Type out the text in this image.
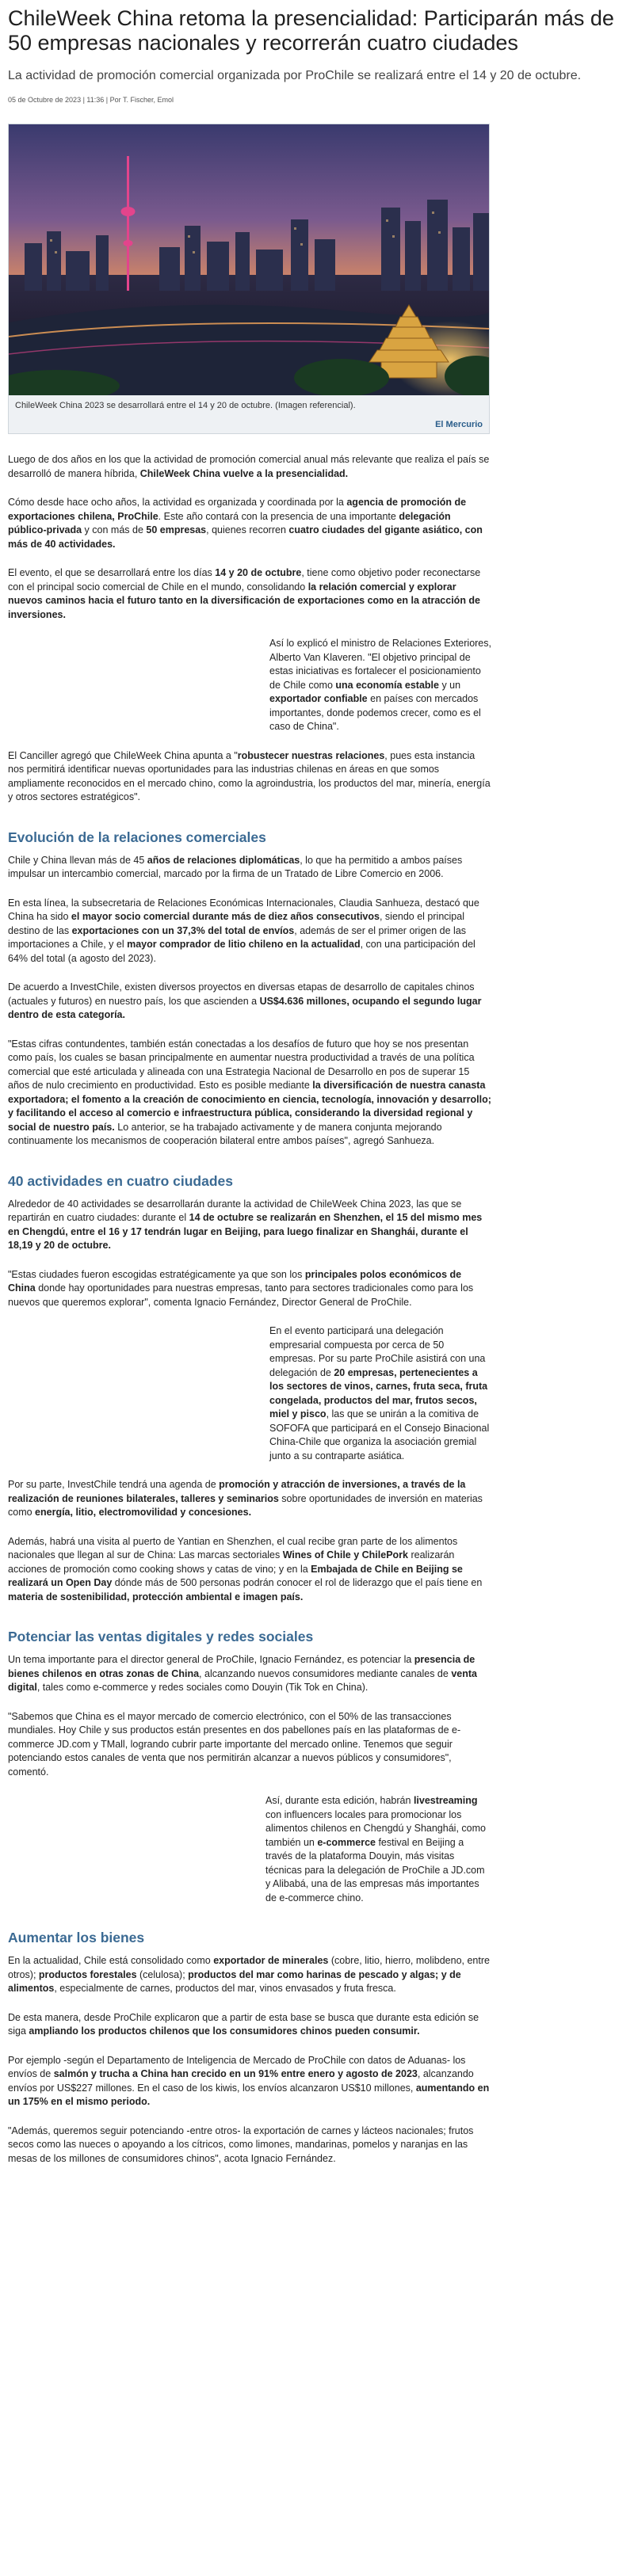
ChileWeek China retoma la presencialidad: Participarán más de 50 empresas nacionales y recorrerán cuatro ciudades

La actividad de promoción comercial organizada por ProChile se realizará entre el 14 y 20 de octubre.

05 de Octubre de 2023 | 11:36 | Por T. Fischer, Emol
ChileWeek China 2023 se desarrollará entre el 14 y 20 de octubre. (Imagen referencial).
El Mercurio

Luego de dos años en los que la actividad de promoción comercial anual más relevante que realiza el país se desarrolló de manera híbrida, ChileWeek China vuelve a la presencialidad.

Cómo desde hace ocho años, la actividad es organizada y coordinada por la agencia de promoción de exportaciones chilena, ProChile. Este año contará con la presencia de una importante delegación público-privada y con más de 50 empresas, quienes recorren cuatro ciudades del gigante asiático, con más de 40 actividades.

El evento, el que se desarrollará entre los días 14 y 20 de octubre, tiene como objetivo poder reconectarse con el principal socio comercial de Chile en el mundo, consolidando la relación comercial y explorar nuevos caminos hacia el futuro tanto en la diversificación de exportaciones como en la atracción de inversiones.

Así lo explicó el ministro de Relaciones Exteriores, Alberto Van Klaveren. "El objetivo principal de estas iniciativas es fortalecer el posicionamiento de Chile como una economía estable y un exportador confiable en países con mercados importantes, donde podemos crecer, como es el caso de China".

El Canciller agregó que ChileWeek China apunta a "robustecer nuestras relaciones, pues esta instancia nos permitirá identificar nuevas oportunidades para las industrias chilenas en áreas en que somos ampliamente reconocidos en el mercado chino, como la agroindustria, los productos del mar, minería, energía y otros sectores estratégicos".

Evolución de la relaciones comerciales

Chile y China llevan más de 45 años de relaciones diplomáticas, lo que ha permitido a ambos países impulsar un intercambio comercial, marcado por la firma de un Tratado de Libre Comercio en 2006.

En esta línea, la subsecretaria de Relaciones Económicas Internacionales, Claudia Sanhueza, destacó que China ha sido el mayor socio comercial durante más de diez años consecutivos, siendo el principal destino de las exportaciones con un 37,3% del total de envíos, además de ser el primer origen de las importaciones a Chile, y el mayor comprador de litio chileno en la actualidad, con una participación del 64% del total (a agosto del 2023).

De acuerdo a InvestChile, existen diversos proyectos en diversas etapas de desarrollo de capitales chinos (actuales y futuros) en nuestro país, los que ascienden a US$4.636 millones, ocupando el segundo lugar dentro de esta categoría.

"Estas cifras contundentes, también están conectadas a los desafíos de futuro que hoy se nos presentan como país, los cuales se basan principalmente en aumentar nuestra productividad a través de una política comercial que esté articulada y alineada con una Estrategia Nacional de Desarrollo en pos de superar 15 años de nulo crecimiento en productividad. Esto es posible mediante la diversificación de nuestra canasta exportadora; el fomento a la creación de conocimiento en ciencia, tecnología, innovación y desarrollo; y facilitando el acceso al comercio e infraestructura pública, considerando la diversidad regional y social de nuestro país. Lo anterior, se ha trabajado activamente y de manera conjunta mejorando continuamente los mecanismos de cooperación bilateral entre ambos países", agregó Sanhueza.

40 actividades en cuatro ciudades

Alrededor de 40 actividades se desarrollarán durante la actividad de ChileWeek China 2023, las que se repartirán en cuatro ciudades: durante el 14 de octubre se realizarán en Shenzhen, el 15 del mismo mes en Chengdú, entre el 16 y 17 tendrán lugar en Beijing, para luego finalizar en Shanghái, durante el 18,19 y 20 de octubre.

"Estas ciudades fueron escogidas estratégicamente ya que son los principales polos económicos de China donde hay oportunidades para nuestras empresas, tanto para sectores tradicionales como para los nuevos que queremos explorar", comenta Ignacio Fernández, Director General de ProChile.

En el evento participará una delegación empresarial compuesta por cerca de 50 empresas. Por su parte ProChile asistirá con una delegación de 20 empresas, pertenecientes a los sectores de vinos, carnes, fruta seca, fruta congelada, productos del mar, frutos secos, miel y pisco, las que se unirán a la comitiva de SOFOFA que participará en el Consejo Binacional China-Chile que organiza la asociación gremial junto a su contraparte asiática.

Por su parte, InvestChile tendrá una agenda de promoción y atracción de inversiones, a través de la realización de reuniones bilaterales, talleres y seminarios sobre oportunidades de inversión en materias como energía, litio, electromovilidad y concesiones.

Además, habrá una visita al puerto de Yantian en Shenzhen, el cual recibe gran parte de los alimentos nacionales que llegan al sur de China: Las marcas sectoriales Wines of Chile y ChilePork realizarán acciones de promoción como cooking shows y catas de vino; y en la Embajada de Chile en Beijing se realizará un Open Day dónde más de 500 personas podrán conocer el rol de liderazgo que el país tiene en materia de sostenibilidad, protección ambiental e imagen país.

Potenciar las ventas digitales y redes sociales

Un tema importante para el director general de ProChile, Ignacio Fernández, es potenciar la presencia de bienes chilenos en otras zonas de China, alcanzando nuevos consumidores mediante canales de venta digital, tales como e-commerce y redes sociales como Douyin (Tik Tok en China).

"Sabemos que China es el mayor mercado de comercio electrónico, con el 50% de las transacciones mundiales. Hoy Chile y sus productos están presentes en dos pabellones país en las plataformas de e-commerce JD.com y TMall, logrando cubrir parte importante del mercado online. Tenemos que seguir potenciando estos canales de venta que nos permitirán alcanzar a nuevos públicos y consumidores", comentó.

Así, durante esta edición, habrán livestreaming con influencers locales para promocionar los alimentos chilenos en Chengdú y Shanghái, como también un e-commerce festival en Beijing a través de la plataforma Douyin, más visitas técnicas para la delegación de ProChile a JD.com y Alibabá, una de las empresas más importantes de e-commerce chino.

Aumentar los bienes

En la actualidad, Chile está consolidado como exportador de minerales (cobre, litio, hierro, molibdeno, entre otros); productos forestales (celulosa); productos del mar como harinas de pescado y algas; y de alimentos, especialmente de carnes, productos del mar, vinos envasados y fruta fresca.

De esta manera, desde ProChile explicaron que a partir de esta base se busca que durante esta edición se siga ampliando los productos chilenos que los consumidores chinos pueden consumir.

Por ejemplo -según el Departamento de Inteligencia de Mercado de ProChile con datos de Aduanas- los envíos de salmón y trucha a China han crecido en un 91% entre enero y agosto de 2023, alcanzando envíos por US$227 millones. En el caso de los kiwis, los envíos alcanzaron US$10 millones, aumentando en un 175% en el mismo periodo.

"Además, queremos seguir potenciando -entre otros- la exportación de carnes y lácteos nacionales; frutos secos como las nueces o apoyando a los cítricos, como limones, mandarinas, pomelos y naranjas en las mesas de los millones de consumidores chinos", acota Ignacio Fernández.
